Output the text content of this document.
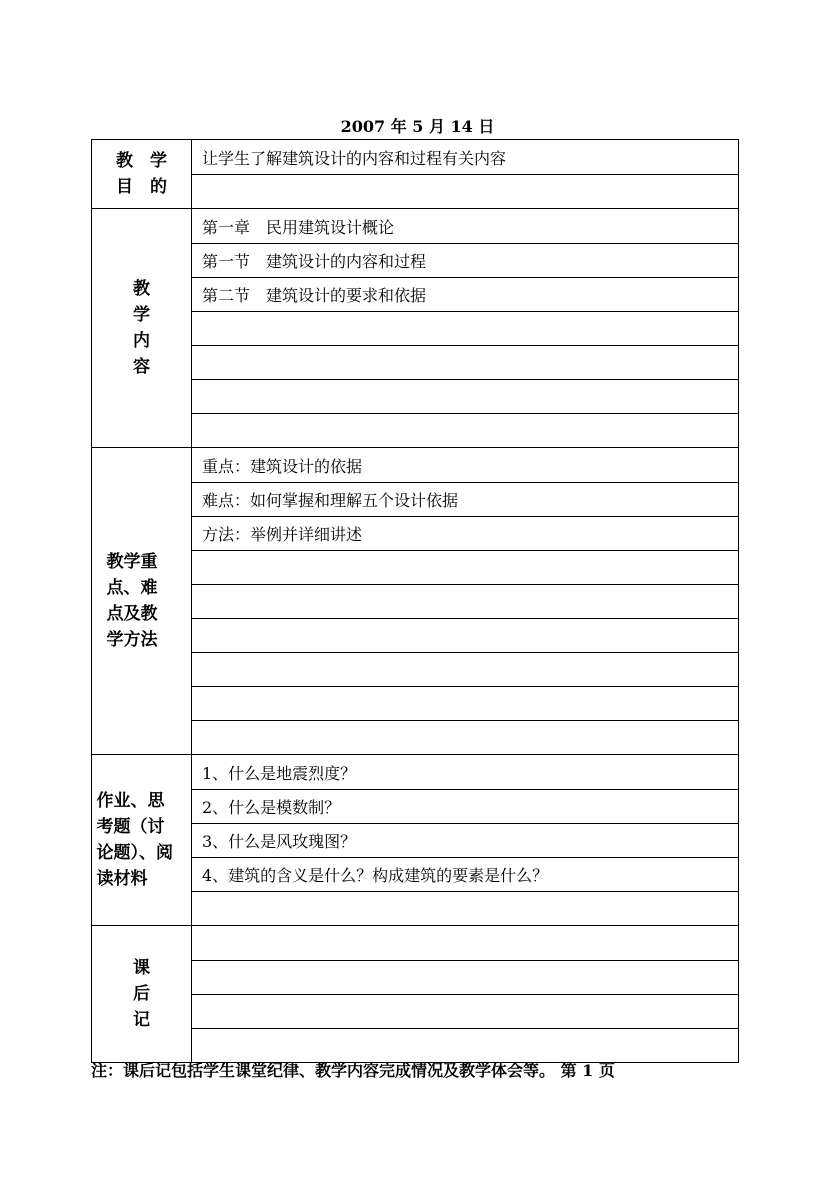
2007 年 5 月 14 日
教　学
目　的
让学生了解建筑设计的内容和过程有关内容
教
学
内
容
第一章　民用建筑设计概论
第一节　建筑设计的内容和过程
第二节　建筑设计的要求和依据
教学重
点、难
点及教
学方法
重点：建筑设计的依据
难点：如何掌握和理解五个设计依据
方法：举例并详细讲述
作业、思
考题（讨
论题）、阅
读材料
1、什么是地震烈度？
2、什么是模数制？
3、什么是风玫瑰图？
4、建筑的含义是什么？构成建筑的要素是什么？
课
后
记
注：课后记包括学生课堂纪律、教学内容完成情况及教学体会等。 第 1 页
